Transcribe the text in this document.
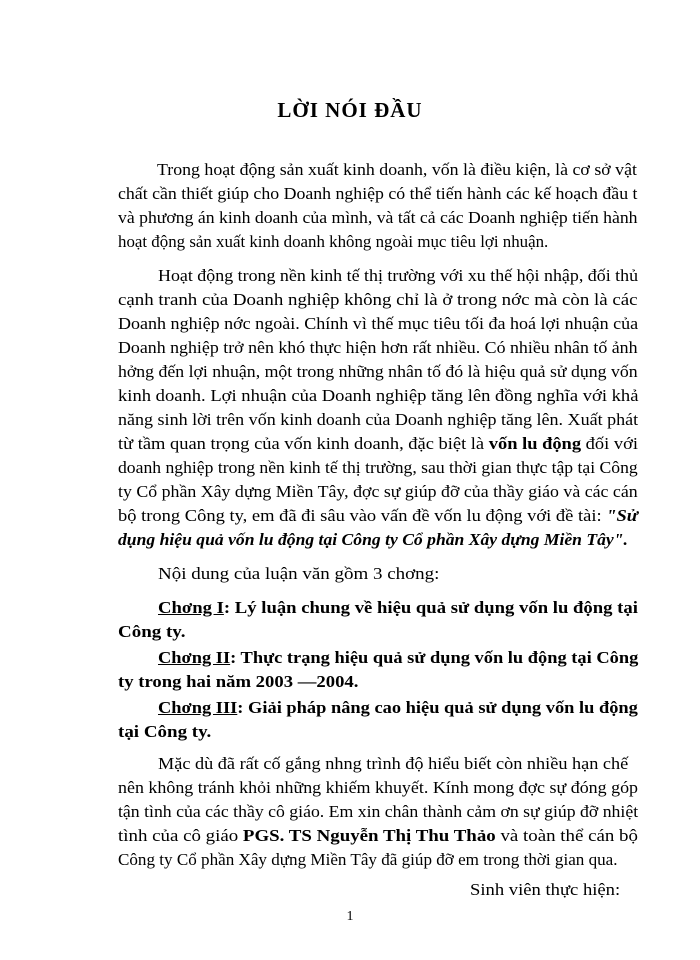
LỜI NÓI ĐẦU
Trong hoạt động sản xuất kinh doanh, vốn là điều kiện, là cơ sở vật
chất cần thiết giúp cho Doanh nghiệp có thể tiến hành các kế hoạch đầu t
và phương án kinh doanh của mình, và tất cả các Doanh nghiệp tiến hành
hoạt động sản xuất kinh doanh không ngoài mục tiêu lợi nhuận.
Hoạt động trong nền kinh tế thị trường với xu thế hội nhập, đối thủ
cạnh tranh của Doanh nghiệp không chỉ là ở trong nớc mà còn là các
Doanh nghiệp nớc ngoài. Chính vì thế mục tiêu tối đa hoá lợi nhuận của
Doanh nghiệp trở nên khó thực hiện hơn rất nhiều. Có nhiều nhân tố ảnh
hởng đến lợi nhuận, một trong những nhân tố đó là hiệu quả sử dụng vốn
kinh doanh. Lợi nhuận của Doanh nghiệp tăng lên đồng nghĩa với khả
năng sinh lời trên vốn kinh doanh của Doanh nghiệp tăng lên. Xuất phát
từ tầm quan trọng của vốn kinh doanh, đặc biệt là vốn lu động đối với
doanh nghiệp trong nền kinh tế thị trường, sau thời gian thực tập tại Công
ty Cổ phần Xây dựng Miền Tây, đợc sự giúp đỡ của thầy giáo và các cán
bộ trong Công ty, em đã đi sâu vào vấn đề vốn lu động với đề tài: "Sử
dụng hiệu quả vốn lu động tại Công ty Cổ phần Xây dựng Miền Tây".
Nội dung của luận văn gồm 3 chơng:
Chơng I: Lý luận chung về hiệu quả sử dụng vốn lu động tại
Công ty.
Chơng II: Thực trạng hiệu quả sử dụng vốn lu động tại Công
ty trong hai năm 2003 —2004.
Chơng III: Giải pháp nâng cao hiệu quả sử dụng vốn lu động
tại Công ty.
Mặc dù đã rất cố gắng nhng trình độ hiểu biết còn nhiều hạn chế
nên không tránh khỏi những khiếm khuyết. Kính mong đợc sự đóng góp
tận tình của các thầy cô giáo. Em xin chân thành cảm ơn sự giúp đỡ nhiệt
tình của cô giáo PGS. TS Nguyễn Thị Thu Thảo và toàn thể cán bộ
Công ty Cổ phần Xây dựng Miền Tây đã giúp đỡ em trong thời gian qua.
Sinh viên thực hiện:
1
